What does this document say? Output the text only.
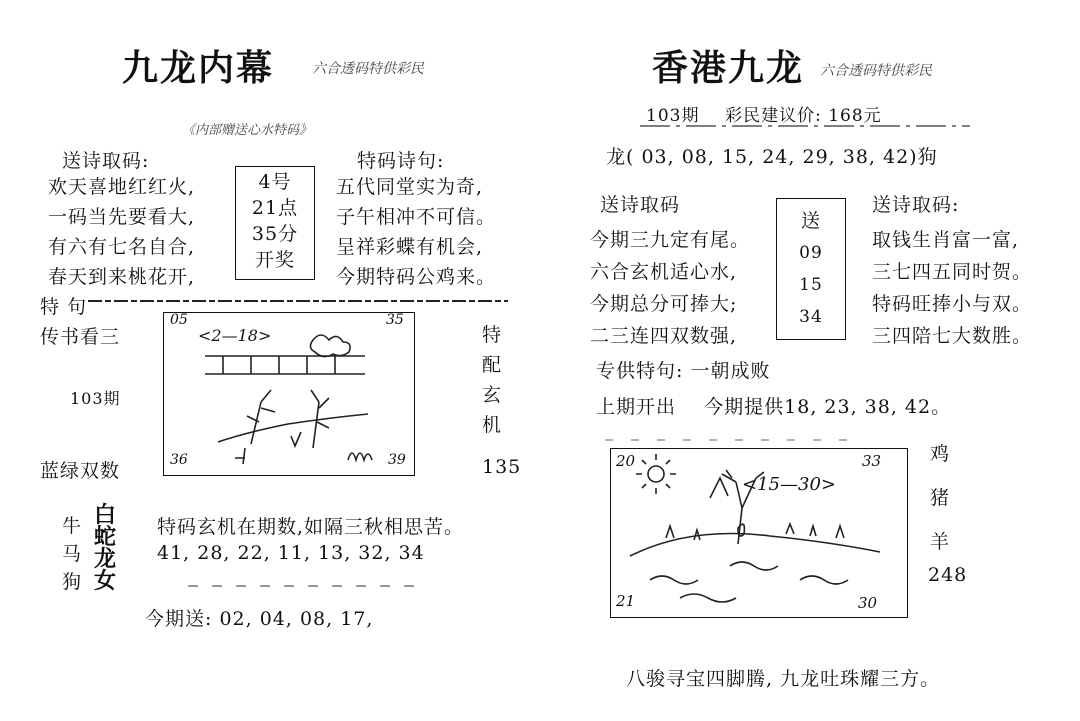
九龙内幕	六合透码特供彩民
《内部赠送心水特码》
送诗取码:	特码诗句:
欢天喜地红红火,
一码当先要看大,
有六有七名自合,
春天到来桃花开,
4号
21点
35分
开奖
五代同堂实为奇,
子午相冲不可信。
呈祥彩蝶有机会,
今期特码公鸡来。
特 句
传书看三
103期
蓝绿双数
05	35
36	39
<2—18>	特
配
玄
机
135
牛
马
狗
白
蛇
龙
女
特码玄机在期数,如隔三秋相思苦。
41, 28, 22, 11, 13, 32, 34
今期送: 02, 04, 08, 17,
香港九龙 六合透码特供彩民
103期    彩民建议价: 168元
龙( 03, 08, 15, 24, 29, 38, 42)狗
送诗取码	送诗取码:
今期三九定有尾。
六合玄机适心水,
今期总分可捧大;
二三连四双数强,
送
09
15
34
取钱生肖富一富,
三七四五同时贺。
特码旺捧小与双。
三四陪七大数胜。
专供特句: 一朝成败
上期开出    今期提供18, 23, 38, 42。
20	33
21	30
<15—30>
鸡
猪
羊
248
八骏寻宝四脚腾, 九龙吐珠耀三方。
